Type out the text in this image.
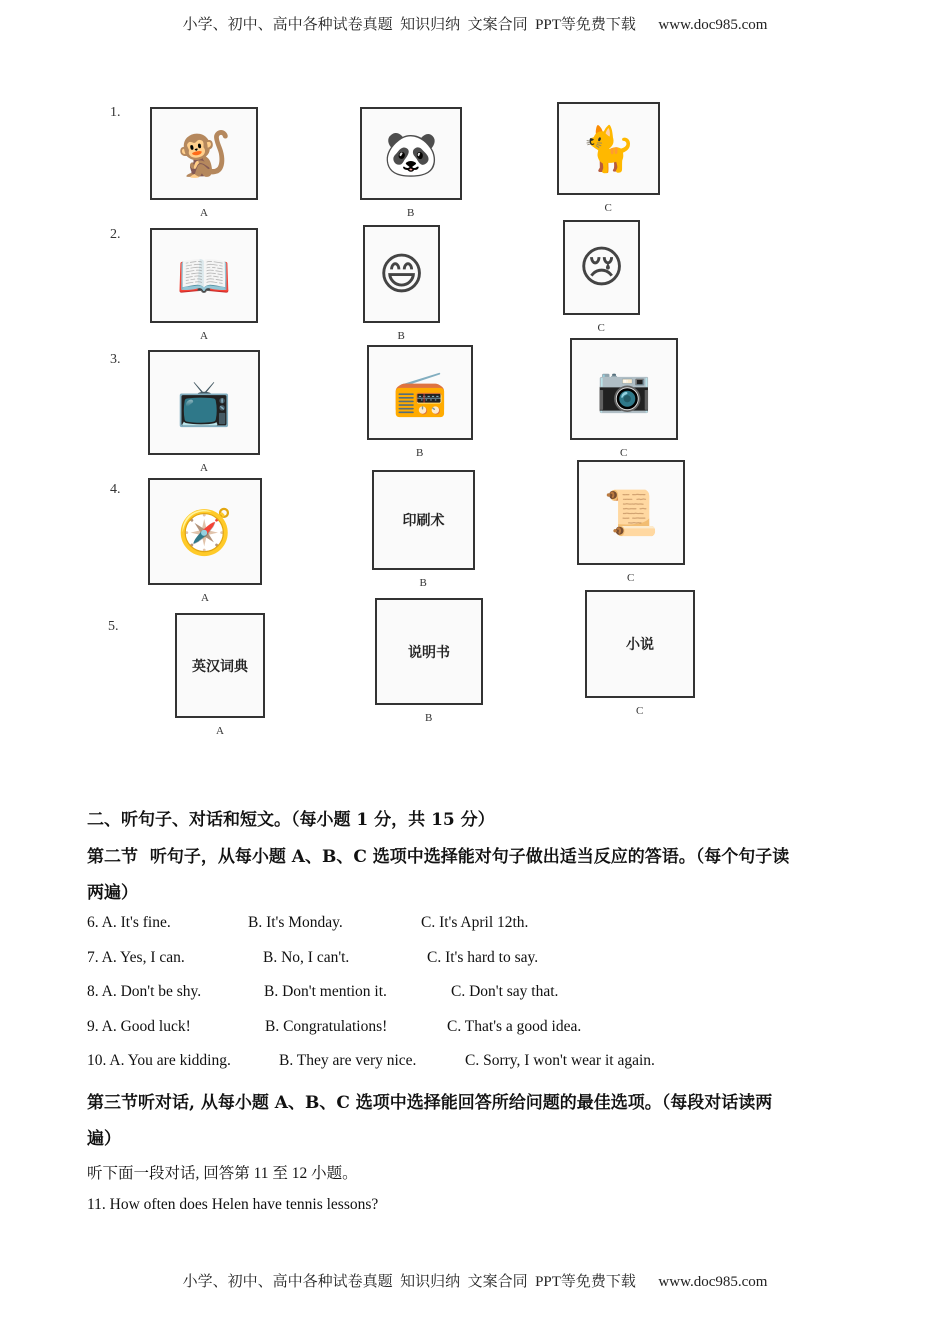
小学、初中、高中各种试卷真题  知识归纳  文案合同  PPT等免费下载 www.doc985.com
1.
🐒
A
🐼
B
🐈
C
2.
📖
A
😄
B
😢
C
3.
📺
A
📻
B
📷
C
4.
🧭
A
印刷术
B
📜
C
5.
英汉词典
A
说明书
B
小说
C
二、听句子、对话和短文。（每小题 1 分，共 15 分）
第二节  听句子，从每小题 A、B、C 选项中选择能对句子做出适当反应的答语。（每个句子读
两遍）
6. A. It's fine.	B. It's Monday.	C. It's April 12th.
7. A. Yes, I can.	B. No, I can't.	C. It's hard to say.
8. A. Don't be shy.	B. Don't mention it.	C. Don't say that.
9. A. Good luck!	B. Congratulations!	C. That's a good idea.
10. A. You are kidding.	B. They are very nice.	C. Sorry, I won't wear it again.
第三节听对话, 从每小题 A、B、C 选项中选择能回答所给问题的最佳选项。（每段对话读两
遍）
听下面一段对话, 回答第 11 至 12 小题。
11. How often does Helen have tennis lessons?
小学、初中、高中各种试卷真题  知识归纳  文案合同  PPT等免费下载 www.doc985.com
